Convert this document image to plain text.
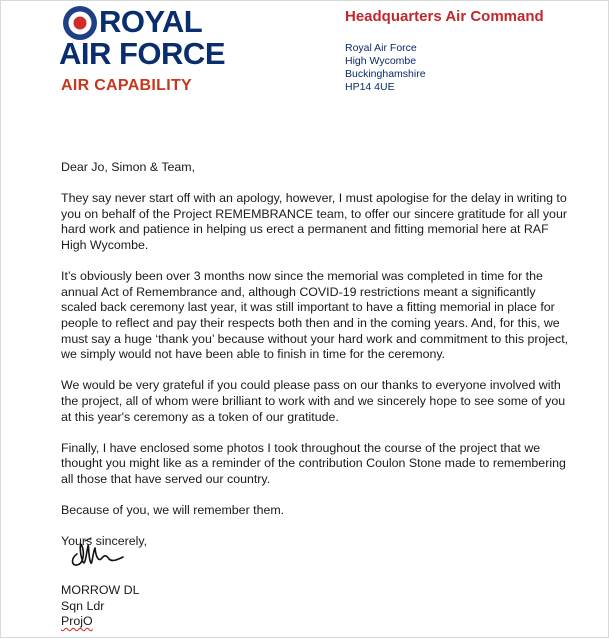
ROYAL
AIR FORCE
AIR CAPABILITY
Headquarters Air Command
Royal Air Force
High Wycombe
Buckinghamshire
HP14 4UE

Dear Jo, Simon & Team,

They say never start off with an apology, however, I must apologise for the delay in writing to you on behalf of the Project REMEMBRANCE team, to offer our sincere gratitude for all your hard work and patience in helping us erect a permanent and fitting memorial here at RAF High Wycombe.

It’s obviously been over 3 months now since the memorial was completed in time for the annual Act of Remembrance and, although COVID-19 restrictions meant a significantly scaled back ceremony last year, it was still important to have a fitting memorial in place for people to reflect and pay their respects both then and in the coming years. And, for this, we must say a huge ‘thank you’ because without your hard work and commitment to this project, we simply would not have been able to finish in time for the ceremony.

We would be very grateful if you could please pass on our thanks to everyone involved with the project, all of whom were brilliant to work with and we sincerely hope to see some of you at this year's ceremony as a token of our gratitude.

Finally, I have enclosed some photos I took throughout the course of the project that we thought you might like as a reminder of the contribution Coulon Stone made to remembering all those that have served our country.

Because of you, we will remember them.

Yours sincerely,

MORROW DL
Sqn Ldr
ProjO
